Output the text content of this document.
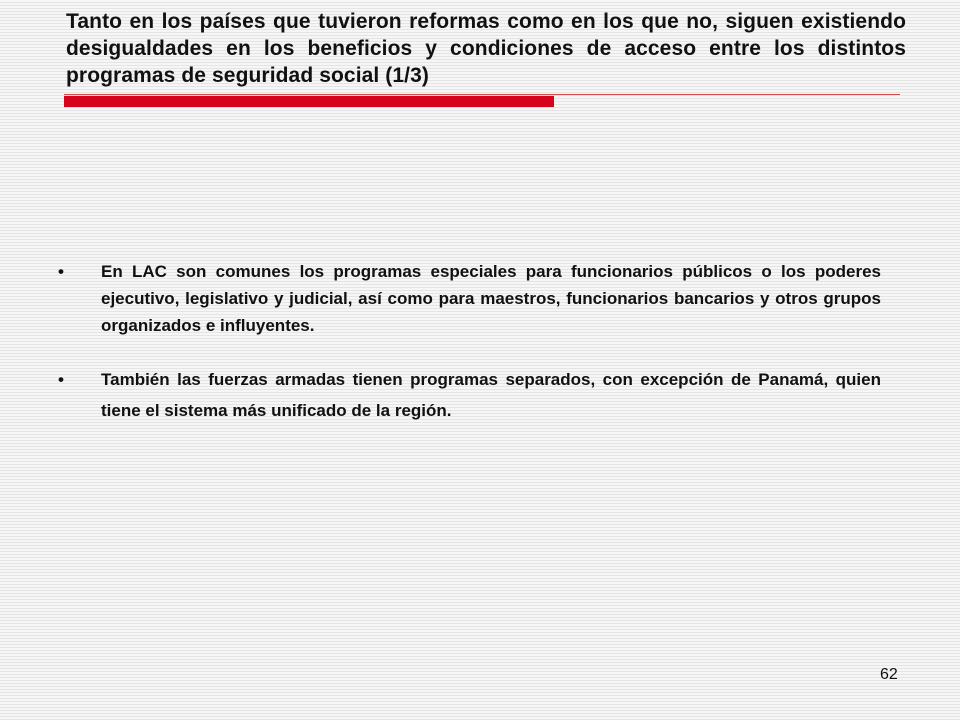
Tanto en los países que tuvieron reformas como en los que no, siguen existiendo desigualdades en los beneficios y condiciones de acceso entre los distintos programas de seguridad social (1/3)
• En LAC son comunes los programas especiales para funcionarios públicos o los poderes ejecutivo, legislativo y judicial, así como para maestros, funcionarios bancarios y otros grupos organizados e influyentes.
• También las fuerzas armadas tienen programas separados, con excepción de Panamá, quien tiene el sistema más unificado de la región.
62
